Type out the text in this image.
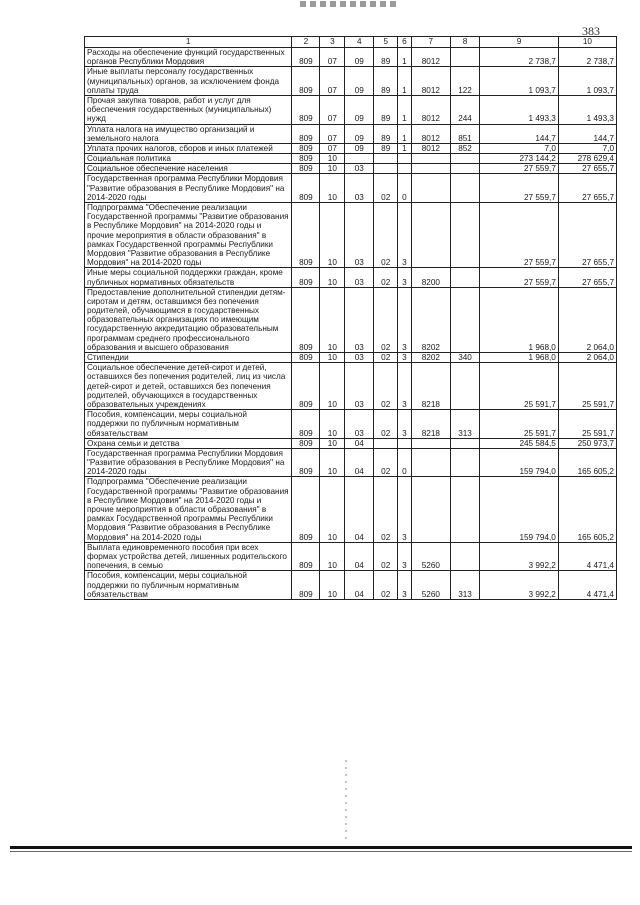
383
1	2	3	4	5	6	7	8	9	10
Расходы на обеспечение функций государственных органов Республики Мордовия	809	07	09	89	1	8012		2 738,7	2 738,7
Иные выплаты персоналу государственных (муниципальных) органов, за исключением фонда оплаты труда	809	07	09	89	1	8012	122	1 093,7	1 093,7
Прочая закупка товаров, работ и услуг для обеспечения государственных (муниципальных) нужд	809	07	09	89	1	8012	244	1 493,3	1 493,3
Уплата налога на имущество организаций и земельного налога	809	07	09	89	1	8012	851	144,7	144,7
Уплата прочих налогов, сборов и иных платежей	809	07	09	89	1	8012	852	7,0	7,0
Социальная политика	809	10						273 144,2	278 629,4
Социальное обеспечение населения	809	10	03					27 559,7	27 655,7
Государственная программа Республики Мордовия "Развитие образования в Республике Мордовия" на 2014-2020 годы	809	10	03	02	0			27 559,7	27 655,7
Подпрограмма "Обеспечение реализации Государственной программы "Развитие образования в Республике Мордовия" на 2014-2020 годы и прочие мероприятия в области образования" в рамках Государственной программы Республики Мордовия "Развитие образования в Республике Мордовия" на 2014-2020 годы	809	10	03	02	3			27 559,7	27 655,7
Иные меры социальной поддержки граждан, кроме публичных нормативных обязательств	809	10	03	02	3	8200		27 559,7	27 655,7
Предоставление дополнительной стипендии детям-сиротам и детям, оставшимся без попечения родителей, обучающимся в государственных образовательных организациях по имеющим государственную аккредитацию образовательным программам среднего профессионального образования и высшего образования	809	10	03	02	3	8202		1 968,0	2 064,0
Стипендии	809	10	03	02	3	8202	340	1 968,0	2 064,0
Социальное обеспечение детей-сирот и детей, оставшихся без попечения родителей, лиц из числа детей-сирот и детей, оставшихся без попечения родителей, обучающихся в государственных образовательных учреждениях	809	10	03	02	3	8218		25 591,7	25 591,7
Пособия, компенсации, меры социальной поддержки по публичным нормативным обязательствам	809	10	03	02	3	8218	313	25 591,7	25 591,7
Охрана семьи и детства	809	10	04					245 584,5	250 973,7
Государственная программа Республики Мордовия "Развитие образования в Республике Мордовия" на 2014-2020 годы	809	10	04	02	0			159 794,0	165 605,2
Подпрограмма "Обеспечение реализации Государственной программы "Развитие образования в Республике Мордовия" на 2014-2020 годы и прочие мероприятия в области образования" в рамках Государственной программы Республики Мордовия "Развитие образования в Республике Мордовия" на 2014-2020 годы	809	10	04	02	3			159 794,0	165 605,2
Выплата единовременного пособия при всех формах устройства детей, лишенных родительского попечения, в семью	809	10	04	02	3	5260		3 992,2	4 471,4
Пособия, компенсации, меры социальной поддержки по публичным нормативным обязательствам	809	10	04	02	3	5260	313	3 992,2	4 471,4
